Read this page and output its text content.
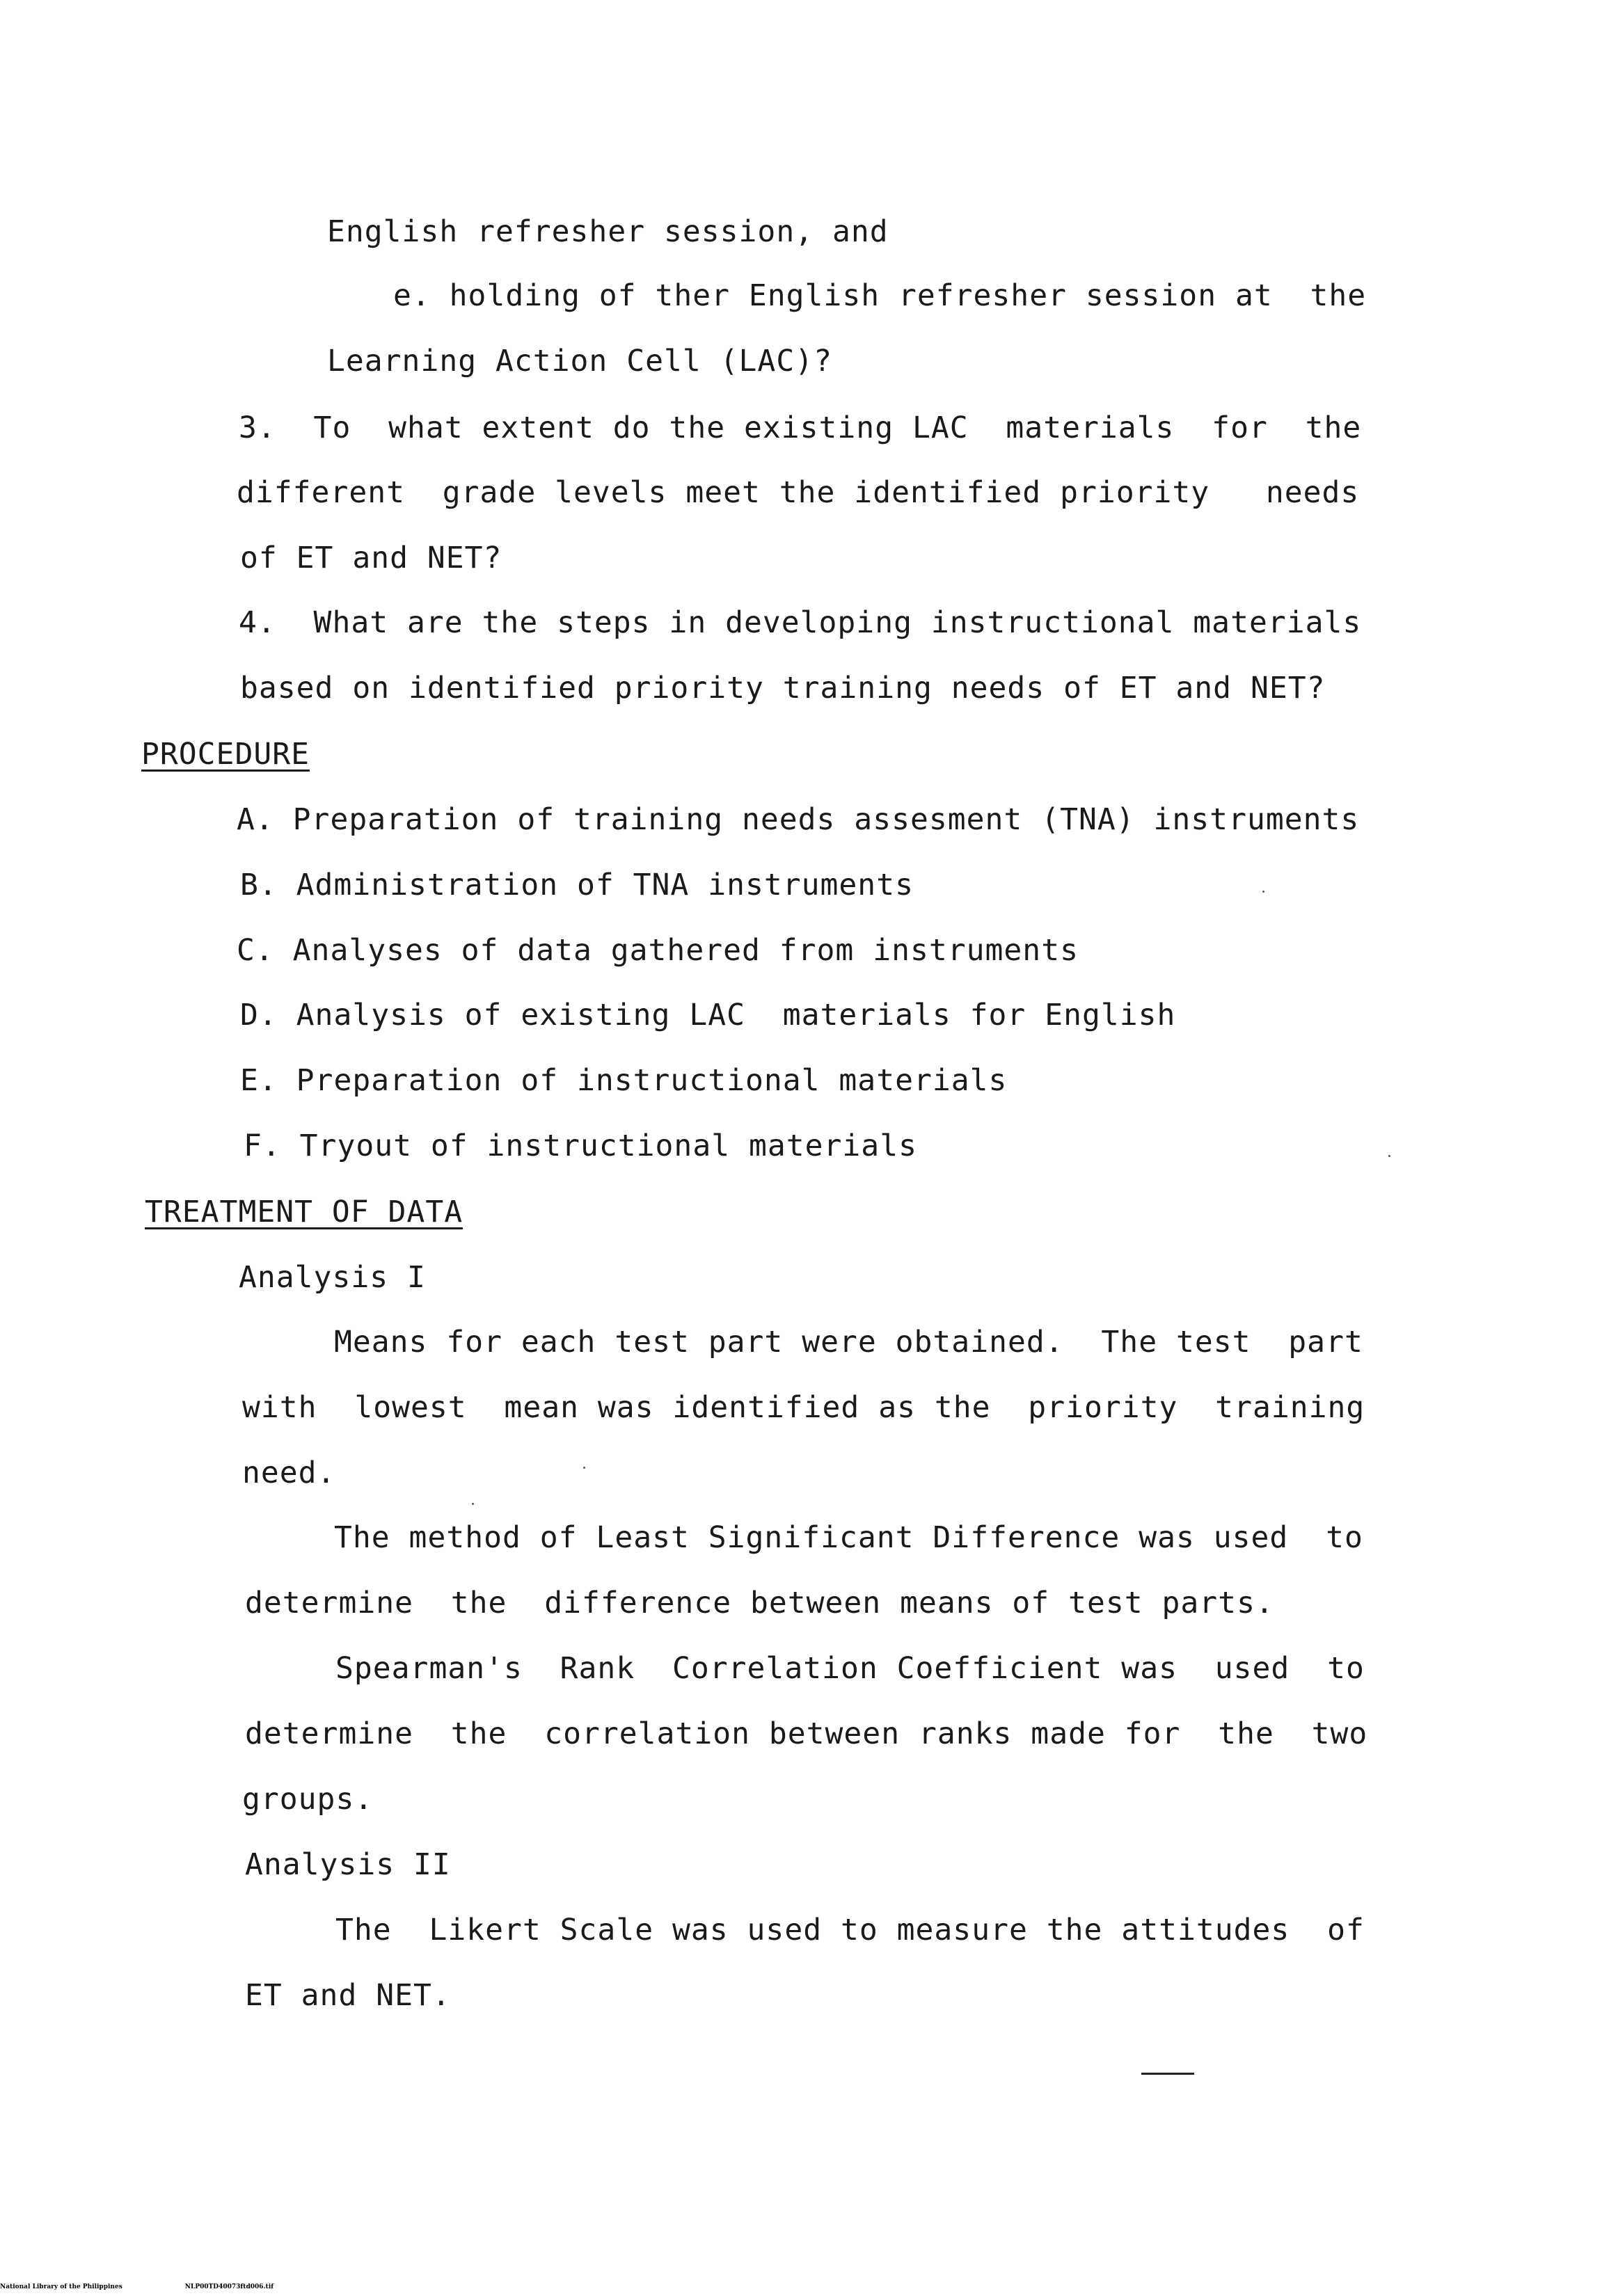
English refresher session, and
e. holding of ther English refresher session at  the
Learning Action Cell (LAC)?
3.  To  what extent do the existing LAC  materials  for  the
different  grade levels meet the identified priority   needs
of ET and NET?
4.  What are the steps in developing instructional materials
based on identified priority training needs of ET and NET?
PROCEDURE
A. Preparation of training needs assesment (TNA) instruments
B. Administration of TNA instruments
C. Analyses of data gathered from instruments
D. Analysis of existing LAC  materials for English
E. Preparation of instructional materials
F. Tryout of instructional materials
TREATMENT OF DATA
Analysis I
Means for each test part were obtained.  The test  part
with  lowest  mean was identified as the  priority  training
need.
The method of Least Significant Difference was used  to
determine  the  difference between means of test parts.
Spearman's  Rank  Correlation Coefficient was  used  to
determine  the  correlation between ranks made for  the  two
groups.
Analysis II
The  Likert Scale was used to measure the attitudes  of
ET and NET.
National Library of the Philippines	NLP00TD40073ftd006.tif
